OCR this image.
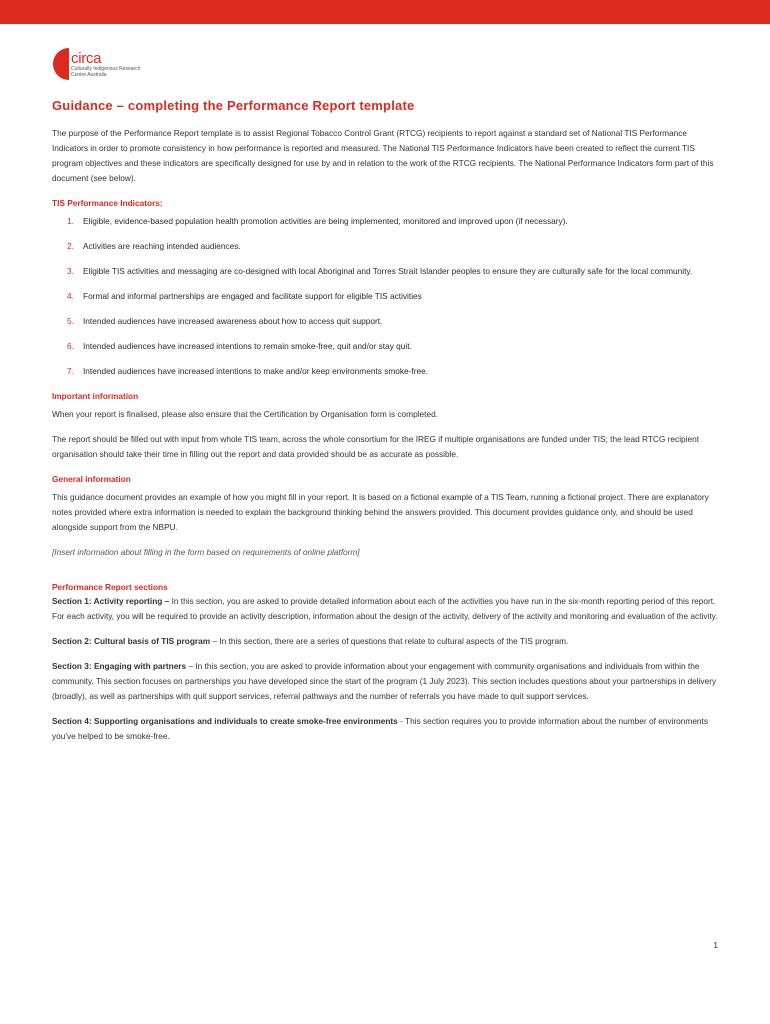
circa
Culturally Indigenous Research Centre Australia
Guidance – completing the Performance Report template

The purpose of the Performance Report template is to assist Regional Tobacco Control Grant (RTCG) recipients to report against a standard set of National TIS Performance Indicators in order to promote consistency in how performance is reported and measured. The National TIS Performance Indicators have been created to reflect the current TIS program objectives and these indicators are specifically designed for use by and in relation to the work of the RTCG recipients. The National Performance Indicators form part of this document (see below).

TIS Performance Indicators:
1. Eligible, evidence-based population health promotion activities are being implemented, monitored and improved upon (if necessary).
2. Activities are reaching intended audiences.
3. Eligible TIS activities and messaging are co-designed with local Aboriginal and Torres Strait Islander peoples to ensure they are culturally safe for the local community.
4. Formal and informal partnerships are engaged and facilitate support for eligible TIS activities
5. Intended audiences have increased awareness about how to access quit support.
6. Intended audiences have increased intentions to remain smoke-free, quit and/or stay quit.
7. Intended audiences have increased intentions to make and/or keep environments smoke-free.
Important information

When your report is finalised, please also ensure that the Certification by Organisation form is completed.

The report should be filled out with input from whole TIS team, across the whole consortium for the IREG if multiple organisations are funded under TIS; the lead RTCG recipient organisation should take their time in filling out the report and data provided should be as accurate as possible.

General information

This guidance document provides an example of how you might fill in your report. It is based on a fictional example of a TIS Team, running a fictional project. There are explanatory notes provided where extra information is needed to explain the background thinking behind the answers provided. This document provides guidance only, and should be used alongside support from the NBPU.

[Insert information about filling in the form based on requirements of online platform]

Performance Report sections

Section 1: Activity reporting – In this section, you are asked to provide detailed information about each of the activities you have run in the six-month reporting period of this report. For each activity, you will be required to provide an activity description, information about the design of the activity, delivery of the activity and monitoring and evaluation of the activity.

Section 2: Cultural basis of TIS program – In this section, there are a series of questions that relate to cultural aspects of the TIS program.

Section 3: Engaging with partners – In this section, you are asked to provide information about your engagement with community organisations and individuals from within the community. This section focuses on partnerships you have developed since the start of the program (1 July 2023). This section includes questions about your partnerships in delivery (broadly), as well as partnerships with quit support services, referral pathways and the number of referrals you have made to quit support services.

Section 4: Supporting organisations and individuals to create smoke-free environments - This section requires you to provide information about the number of environments you've helped to be smoke-free.

1
